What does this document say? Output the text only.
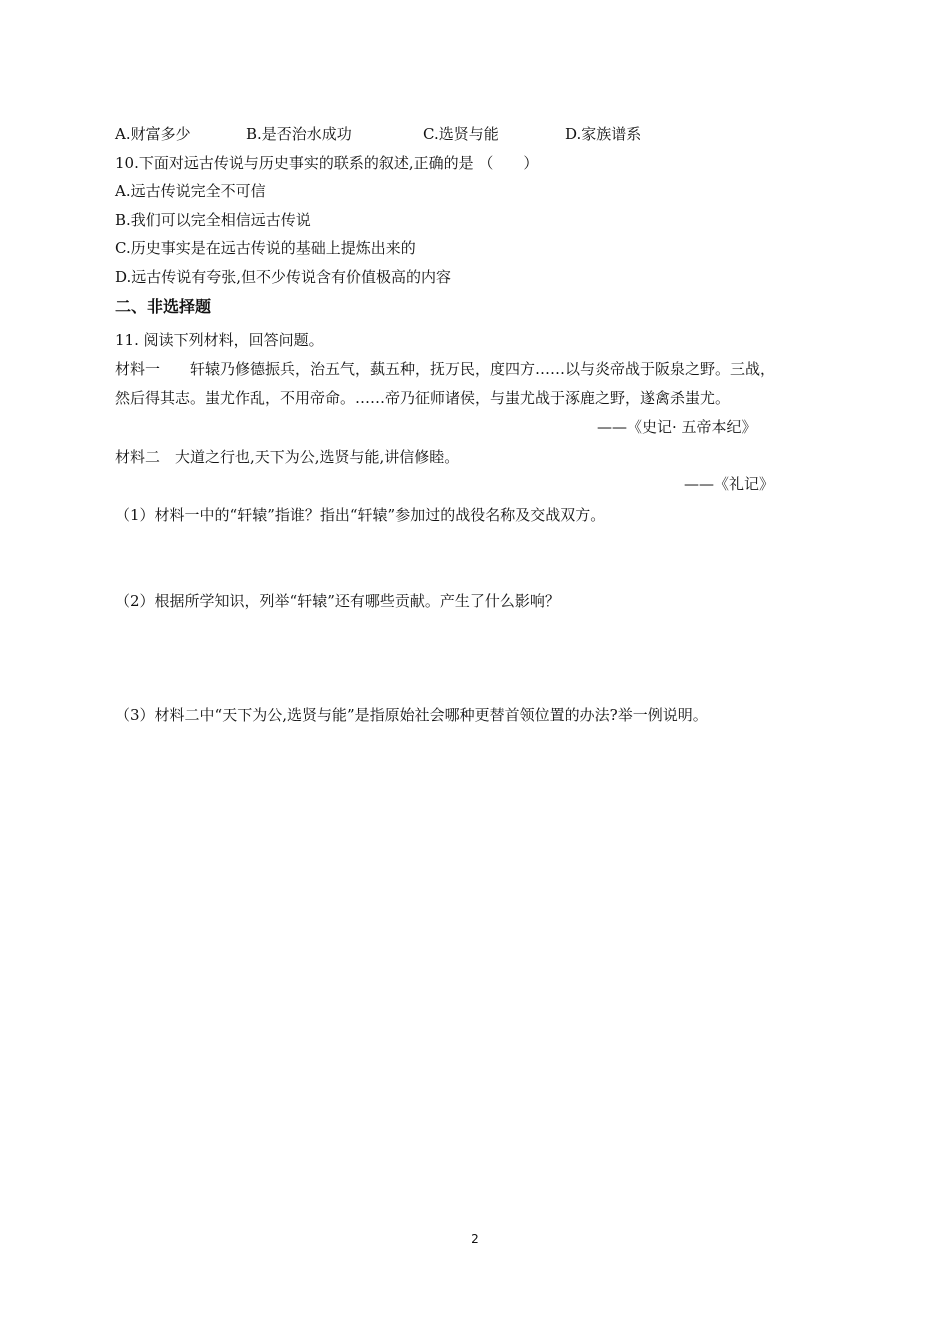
A.财富多少	B.是否治水成功	C.选贤与能	D.家族谱系
10.下面对远古传说与历史事实的联系的叙述,正确的是 （　　）
A.远古传说完全不可信
B.我们可以完全相信远古传说
C.历史事实是在远古传说的基础上提炼出来的
D.远古传说有夸张,但不少传说含有价值极高的内容
二、非选择题
11. 阅读下列材料，回答问题。
材料一　　轩辕乃修德振兵，治五气，蓺五种，抚万民，度四方……以与炎帝战于阪泉之野。三战，
然后得其志。蚩尤作乱，不用帝命。……帝乃征师诸侯，与蚩尤战于涿鹿之野，遂禽杀蚩尤。
——《史记· 五帝本纪》
材料二　大道之行也,天下为公,选贤与能,讲信修睦。
——《礼记》
（1）材料一中的“轩辕”指谁？指出“轩辕”参加过的战役名称及交战双方。
（2）根据所学知识，列举“轩辕”还有哪些贡献。产生了什么影响？
（3）材料二中“天下为公,选贤与能”是指原始社会哪种更替首领位置的办法?举一例说明。
2
